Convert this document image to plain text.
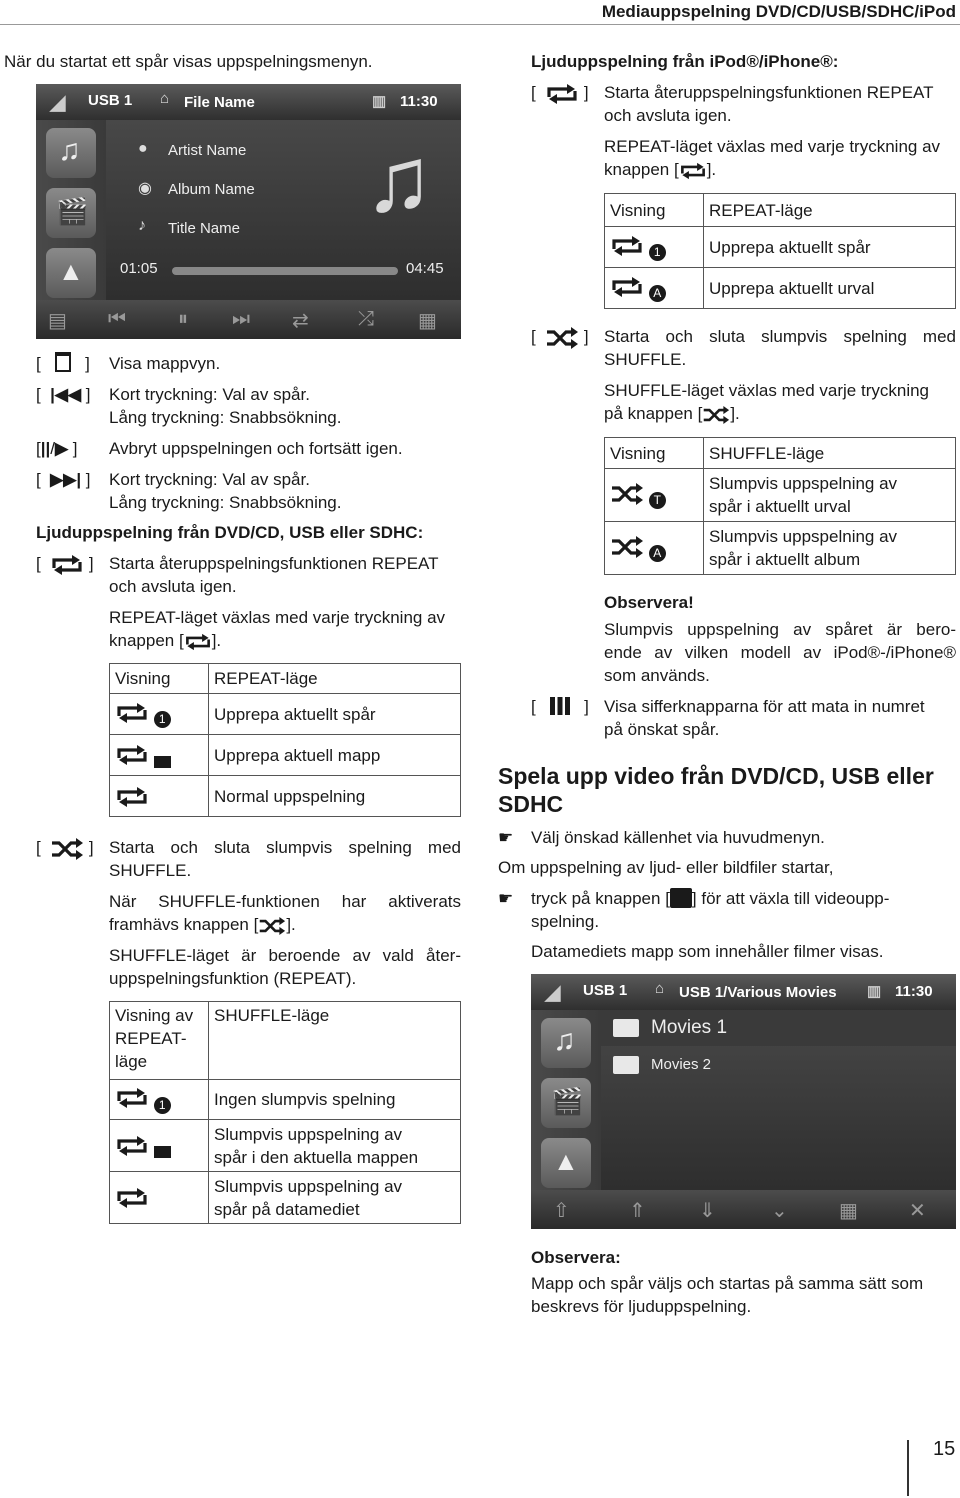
Mediauppspelning DVD/CD/USB/SDHC/iPod
När du startat ett spår visas uppspelningsmenyn.
◢ USB 1 ⌂ File Name	▥ 11:30
♫
🎬
▲
● Artist Name
◉ Album Name
♪ Title Name ♫
01:05	04:45
▤ ⏮	⏸ ⏭ ⇄ ⤮ ▦
[      ] Visa mappvyn.
[  |◀◀ ] Kort tryckning: Val av spår.
Lång tryckning: Snabbsökning.
[||/▶ ] Avbryt uppspelningen och fortsätt igen.
[  ▶▶| ] Kort tryckning: Val av spår.
Lång tryckning: Snabbsökning.
Ljuduppspelning från DVD/CD, USB eller SDHC:
[   ] Starta återuppspelningsfunktionen REPEAT
och avsluta igen.
REPEAT-läget växlas med varje tryckning av
knappen [ ].
Visning	REPEAT-läge
1	Upprepa aktuellt spår
	Upprepa aktuell mapp
	Normal uppspelning
[   ] Starta och sluta slumpvis spelning med
SHUFFLE.
När SHUFFLE-funktionen har aktiverats
framhävs knappen [ ].
SHUFFLE-läget är beroende av vald åter-
uppspelningsfunktion (REPEAT).
Visning av
REPEAT-
läge	SHUFFLE-läge
1	Ingen slumpvis spelning
	Slumpvis uppspelning av
spår i den aktuella mappen
	Slumpvis uppspelning av
spår på datamediet
Ljuduppspelning från iPod®/iPhone®:
[   ] Starta återuppspelningsfunktionen REPEAT
och avsluta igen.
REPEAT-läget växlas med varje tryckning av
knappen [ ].
Visning	REPEAT-läge
1	Upprepa aktuellt spår
A	Upprepa aktuellt urval
[   ] Starta och sluta slumpvis spelning med
SHUFFLE.
SHUFFLE-läget växlas med varje tryckning
på knappen [ ].
Visning	SHUFFLE-läge
T	Slumpvis uppspelning av
spår i aktuellt urval
A	Slumpvis uppspelning av
spår i aktuellt album
Observera!
Slumpvis uppspelning av spåret är bero-
ende av vilken modell av iPod®-/iPhone®
som används.
[      ] Visa sifferknapparna för att mata in numret
på önskat spår.
Spela upp video från DVD/CD, USB eller
SDHC
☛ Välj önskad källenhet via huvudmenyn.
Om uppspelning av ljud- eller bildfiler startar,
☛ tryck på knappen [ ] för att växla till videoupp-
spelning.
Datamediets mapp som innehåller filmer visas.
◢ USB 1 ⌂ USB 1/Various Movies ▥ 11:30
♫
🎬
▲
Movies 1
Movies 2
⇧	⇑	⇓	⌄	▦	✕
Observera:
Mapp och spår väljs och startas på samma sätt som
beskrevs för ljuduppspelning.
15
